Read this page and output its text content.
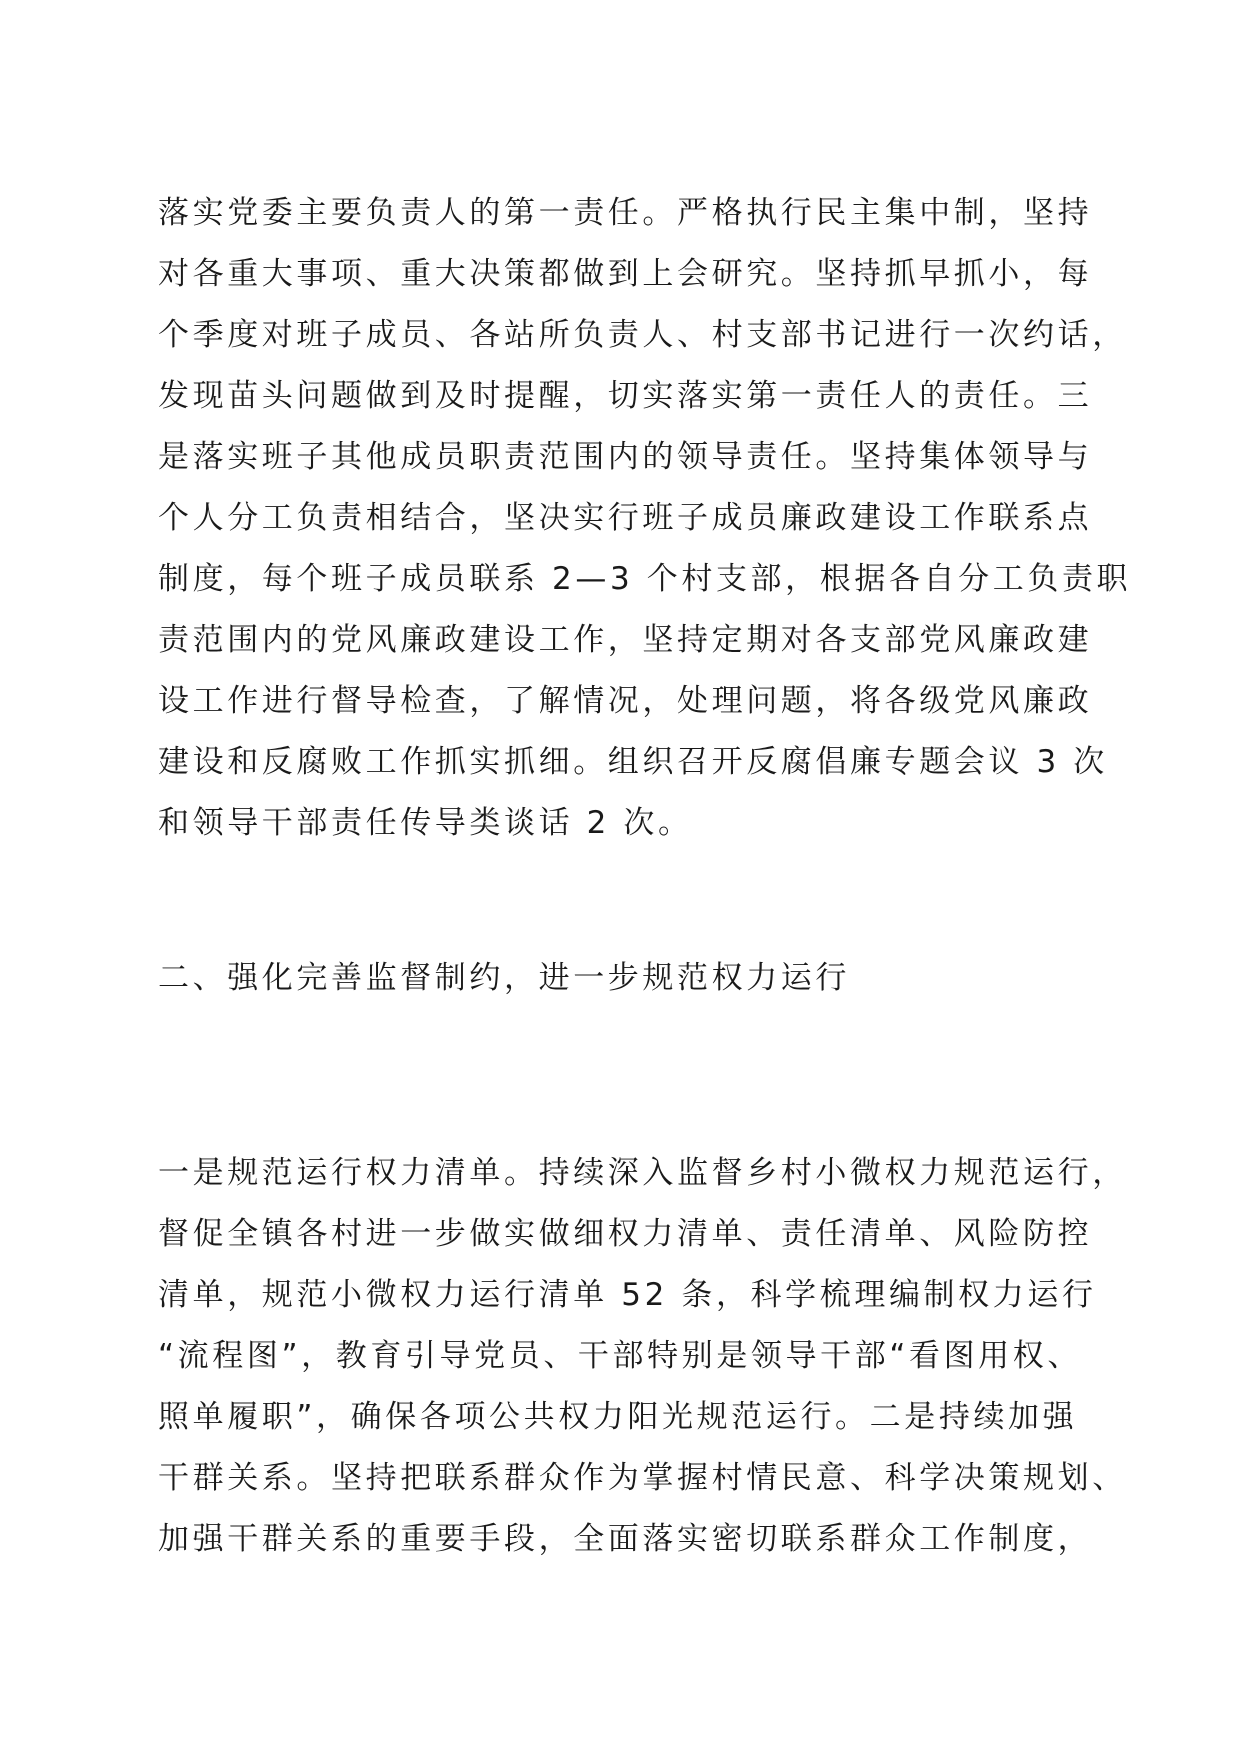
落实党委主要负责人的第一责任。严格执行民主集中制，坚持
对各重大事项、重大决策都做到上会研究。坚持抓早抓小，每
个季度对班子成员、各站所负责人、村支部书记进行一次约话，
发现苗头问题做到及时提醒，切实落实第一责任人的责任。三
是落实班子其他成员职责范围内的领导责任。坚持集体领导与
个人分工负责相结合，坚决实行班子成员廉政建设工作联系点
制度，每个班子成员联系 2—3 个村支部，根据各自分工负责职
责范围内的党风廉政建设工作，坚持定期对各支部党风廉政建
设工作进行督导检查，了解情况，处理问题，将各级党风廉政
建设和反腐败工作抓实抓细。组织召开反腐倡廉专题会议 3 次
和领导干部责任传导类谈话 2 次。
二、强化完善监督制约，进一步规范权力运行
一是规范运行权力清单。持续深入监督乡村小微权力规范运行，
督促全镇各村进一步做实做细权力清单、责任清单、风险防控
清单，规范小微权力运行清单 52 条，科学梳理编制权力运行
“流程图”，教育引导党员、干部特别是领导干部“看图用权、
照单履职”，确保各项公共权力阳光规范运行。二是持续加强
干群关系。坚持把联系群众作为掌握村情民意、科学决策规划、
加强干群关系的重要手段，全面落实密切联系群众工作制度，
